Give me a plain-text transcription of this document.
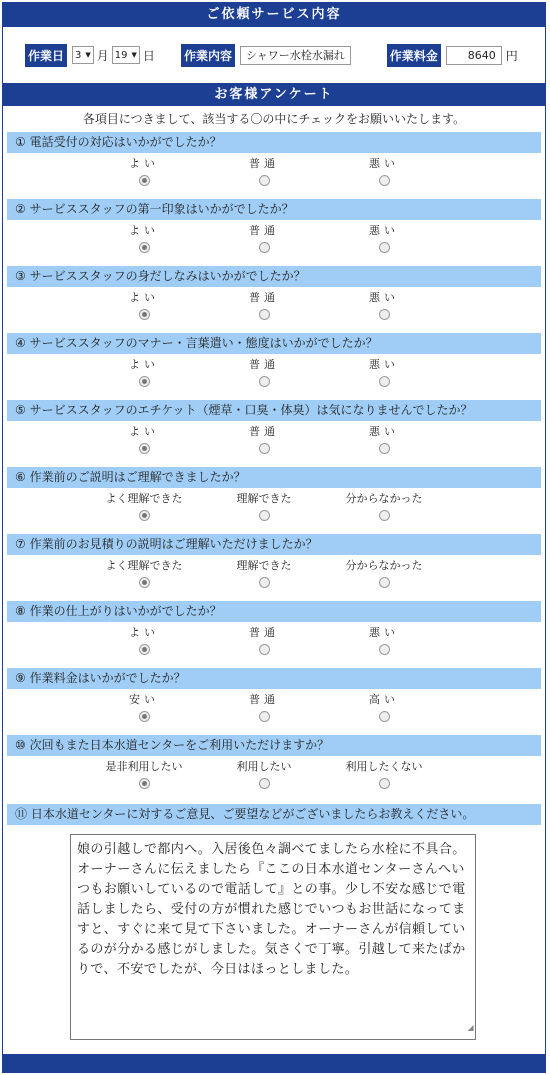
ご依頼サービス内容
作業日	3 ▼ 月 19 ▼ 日 作業内容	シャワー水栓水漏れ	作業料金	8640 円
お客様アンケート
各項目につきまして、該当する〇の中にチェックをお願いいたします。
① 電話受付の対応はいかがでしたか？
よい	普通	悪い
② サービススタッフの第一印象はいかがでしたか？
よい	普通	悪い
③ サービススタッフの身だしなみはいかがでしたか？
よい	普通	悪い
④ サービススタッフのマナー・言葉遣い・態度はいかがでしたか？
よい	普通	悪い
⑤ サービススタッフのエチケット（煙草・口臭・体臭）は気になりませんでしたか？
よい	普通	悪い
⑥ 作業前のご説明はご理解できましたか？
よく理解できた	理解できた	分からなかった
⑦ 作業前のお見積りの説明はご理解いただけましたか？
よく理解できた	理解できた	分からなかった
⑧ 作業の仕上がりはいかがでしたか？
よい	普通	悪い
⑨ 作業料金はいかがでしたか？
安い	普通	高い
⑩ 次回もまた日本水道センターをご利用いただけますか？
是非利用したい	利用したい	利用したくない
⑪ 日本水道センターに対するご意見、ご要望などがございましたらお教えください。
娘の引越しで都内へ。入居後色々調べてましたら水栓に不具合。オーナーさんに伝えましたら『ここの日本水道センターさんへいつもお願いしているので電話して』との事。少し不安な感じで電話しましたら、受付の方が慣れた感じでいつもお世話になってますと、すぐに来て見て下さいました。オーナーさんが信頼しているのが分かる感じがしました。気さくで丁寧。引越して来たばかりで、不安でしたが、今日はほっとしました。
◢
